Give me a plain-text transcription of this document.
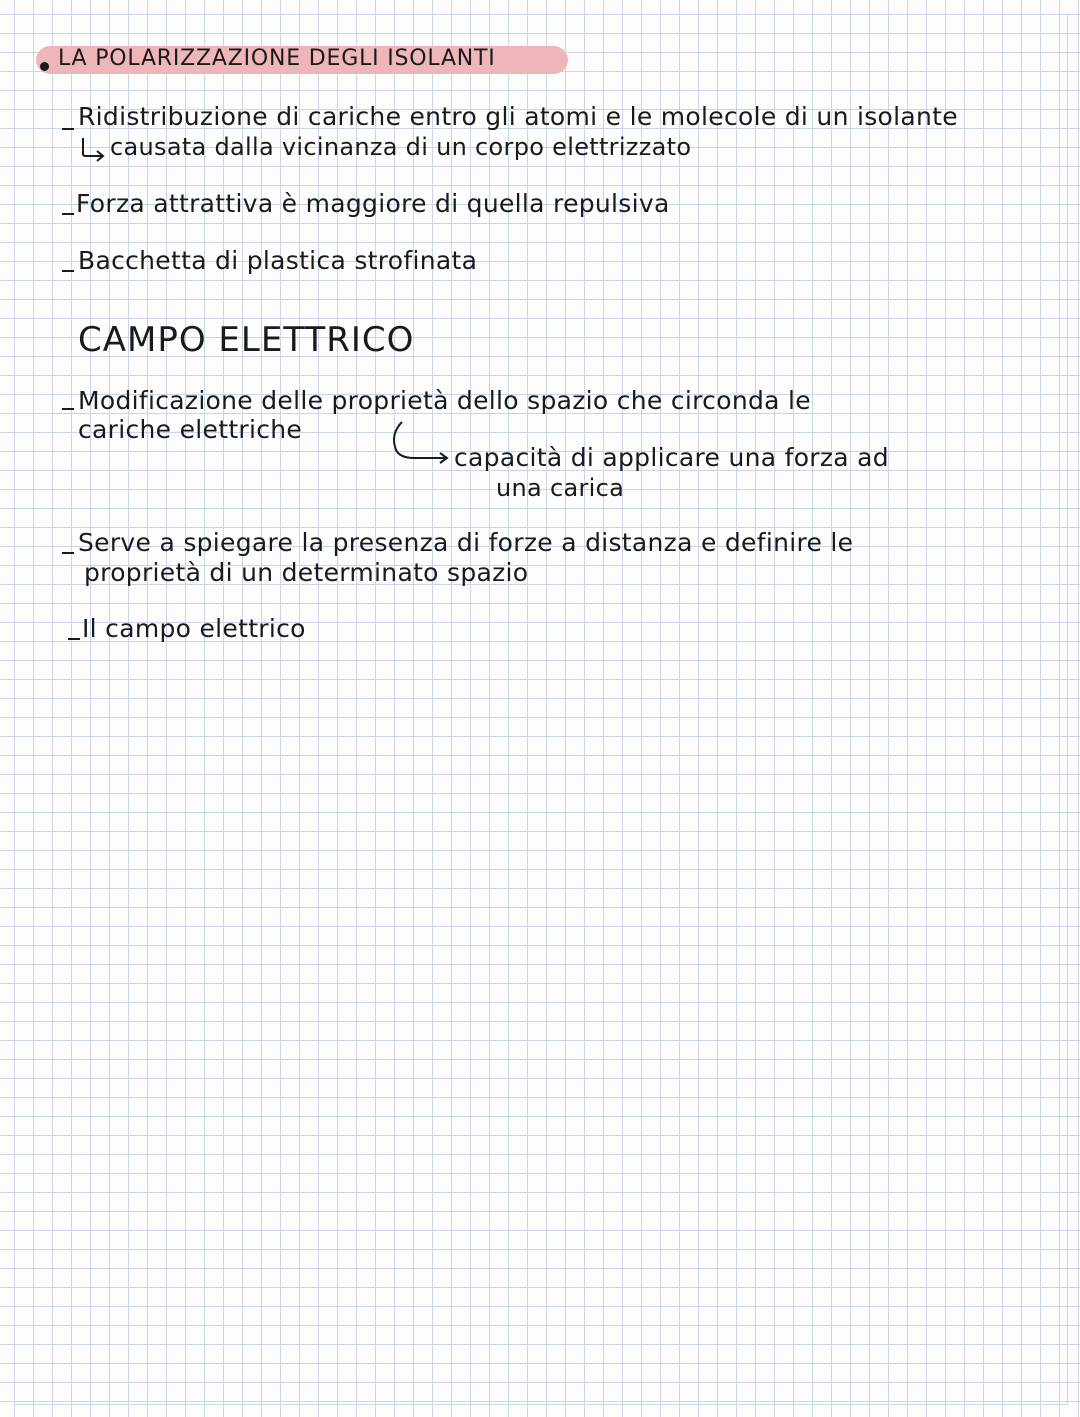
LA POLARIZZAZIONE DEGLI ISOLANTI
Ridistribuzione di cariche entro gli atomi e le molecole di un isolante
causata dalla vicinanza di un corpo elettrizzato
Forza attrattiva è maggiore di quella repulsiva
Bacchetta di plastica strofinata
CAMPO ELETTRICO
Modificazione delle proprietà dello spazio che circonda le
cariche elettriche
capacità di applicare una forza ad
una carica
Serve a spiegare la presenza di forze a distanza e definire le
proprietà di un determinato spazio
Il campo elettrico
